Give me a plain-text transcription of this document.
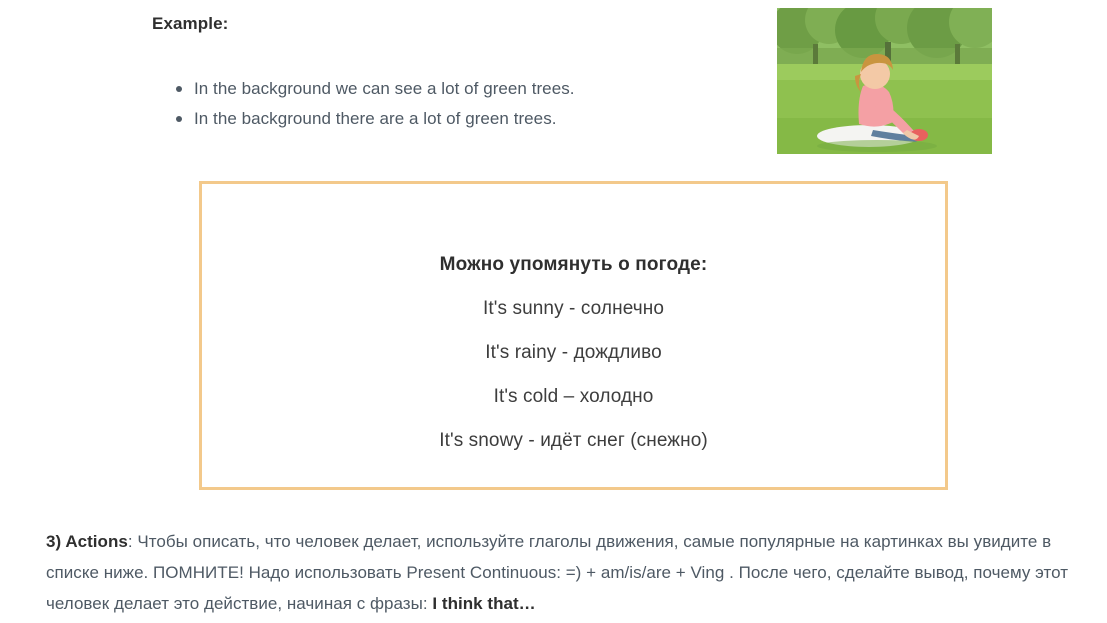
Example:
In the background we can see a lot of green trees.
In the background there are a lot of green trees.
Можно упомянуть о погоде:
It's sunny - солнечно
It's rainy - дождливо
It's cold – холодно
It's snowy - идёт снег (снежно)

3) Actions: Чтобы описать, что человек делает, используйте глаголы движения, самые популярные на картинках вы увидите в списке ниже. ПОМНИТЕ! Надо использовать Present Continuous: =) + am/is/are + Ving . После чего, сделайте вывод, почему этот человек делает это действие, начиная с фразы: I think that…
